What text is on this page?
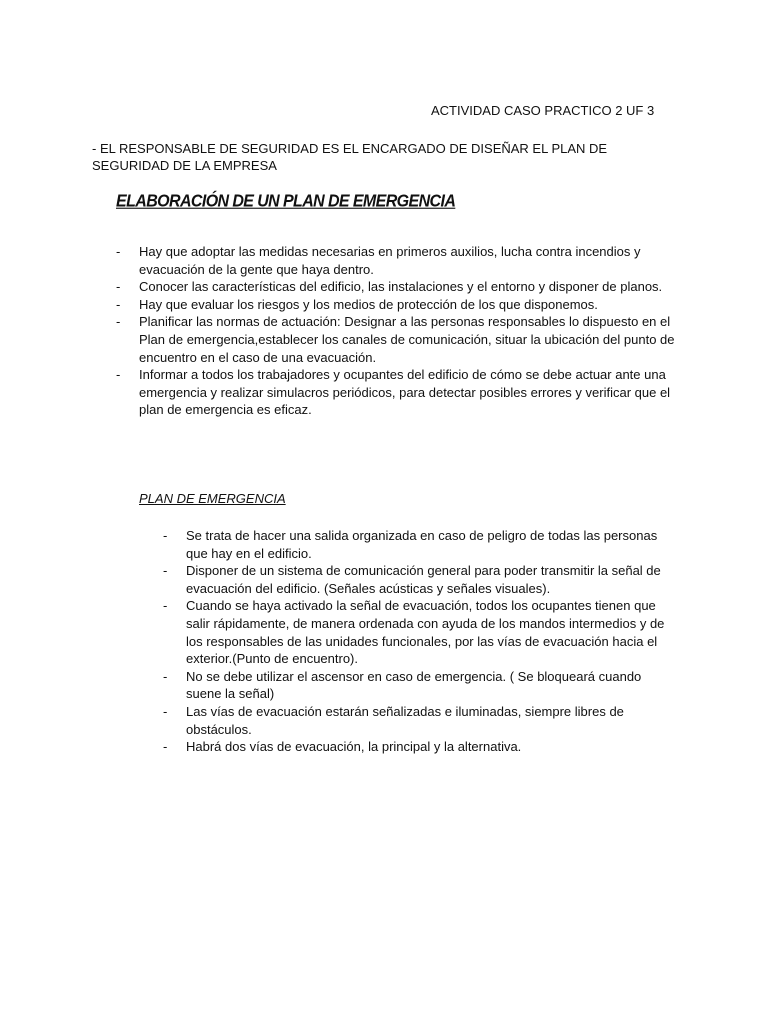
ACTIVIDAD CASO PRACTICO 2 UF 3
- EL RESPONSABLE DE SEGURIDAD ES EL ENCARGADO DE DISEÑAR EL PLAN DE SEGURIDAD DE LA EMPRESA
ELABORACIÓN DE UN PLAN DE EMERGENCIA
- Hay que adoptar las medidas necesarias en primeros auxilios, lucha contra incendios y evacuación de la gente que haya dentro.
- Conocer las características del edificio, las instalaciones y el entorno y disponer de planos.
- Hay que evaluar los riesgos y los medios de protección de los que disponemos.
- Planificar las normas de actuación: Designar a las personas responsables lo dispuesto en el Plan de emergencia,establecer los canales de comunicación, situar la ubicación del punto de encuentro en el caso de una evacuación.
- Informar a todos los trabajadores y ocupantes del edificio de cómo se debe actuar ante una emergencia y realizar simulacros periódicos, para detectar posibles errores y verificar que el plan de emergencia es eficaz.
PLAN DE EMERGENCIA
- Se trata de hacer una salida organizada en caso de peligro de todas las personas que hay en el edificio.
- Disponer de un sistema de comunicación general para poder transmitir la señal de evacuación del edificio. (Señales acústicas y señales visuales).
- Cuando se haya activado la señal de evacuación, todos los ocupantes tienen que salir rápidamente, de manera ordenada con ayuda de los mandos intermedios y de los responsables de las unidades funcionales, por las vías de evacuación hacia el exterior.(Punto de encuentro).
- No se debe utilizar el ascensor en caso de emergencia. ( Se bloqueará cuando suene la señal)
- Las vías de evacuación estarán señalizadas e iluminadas, siempre libres de obstáculos.
- Habrá dos vías de evacuación, la principal y la alternativa.
